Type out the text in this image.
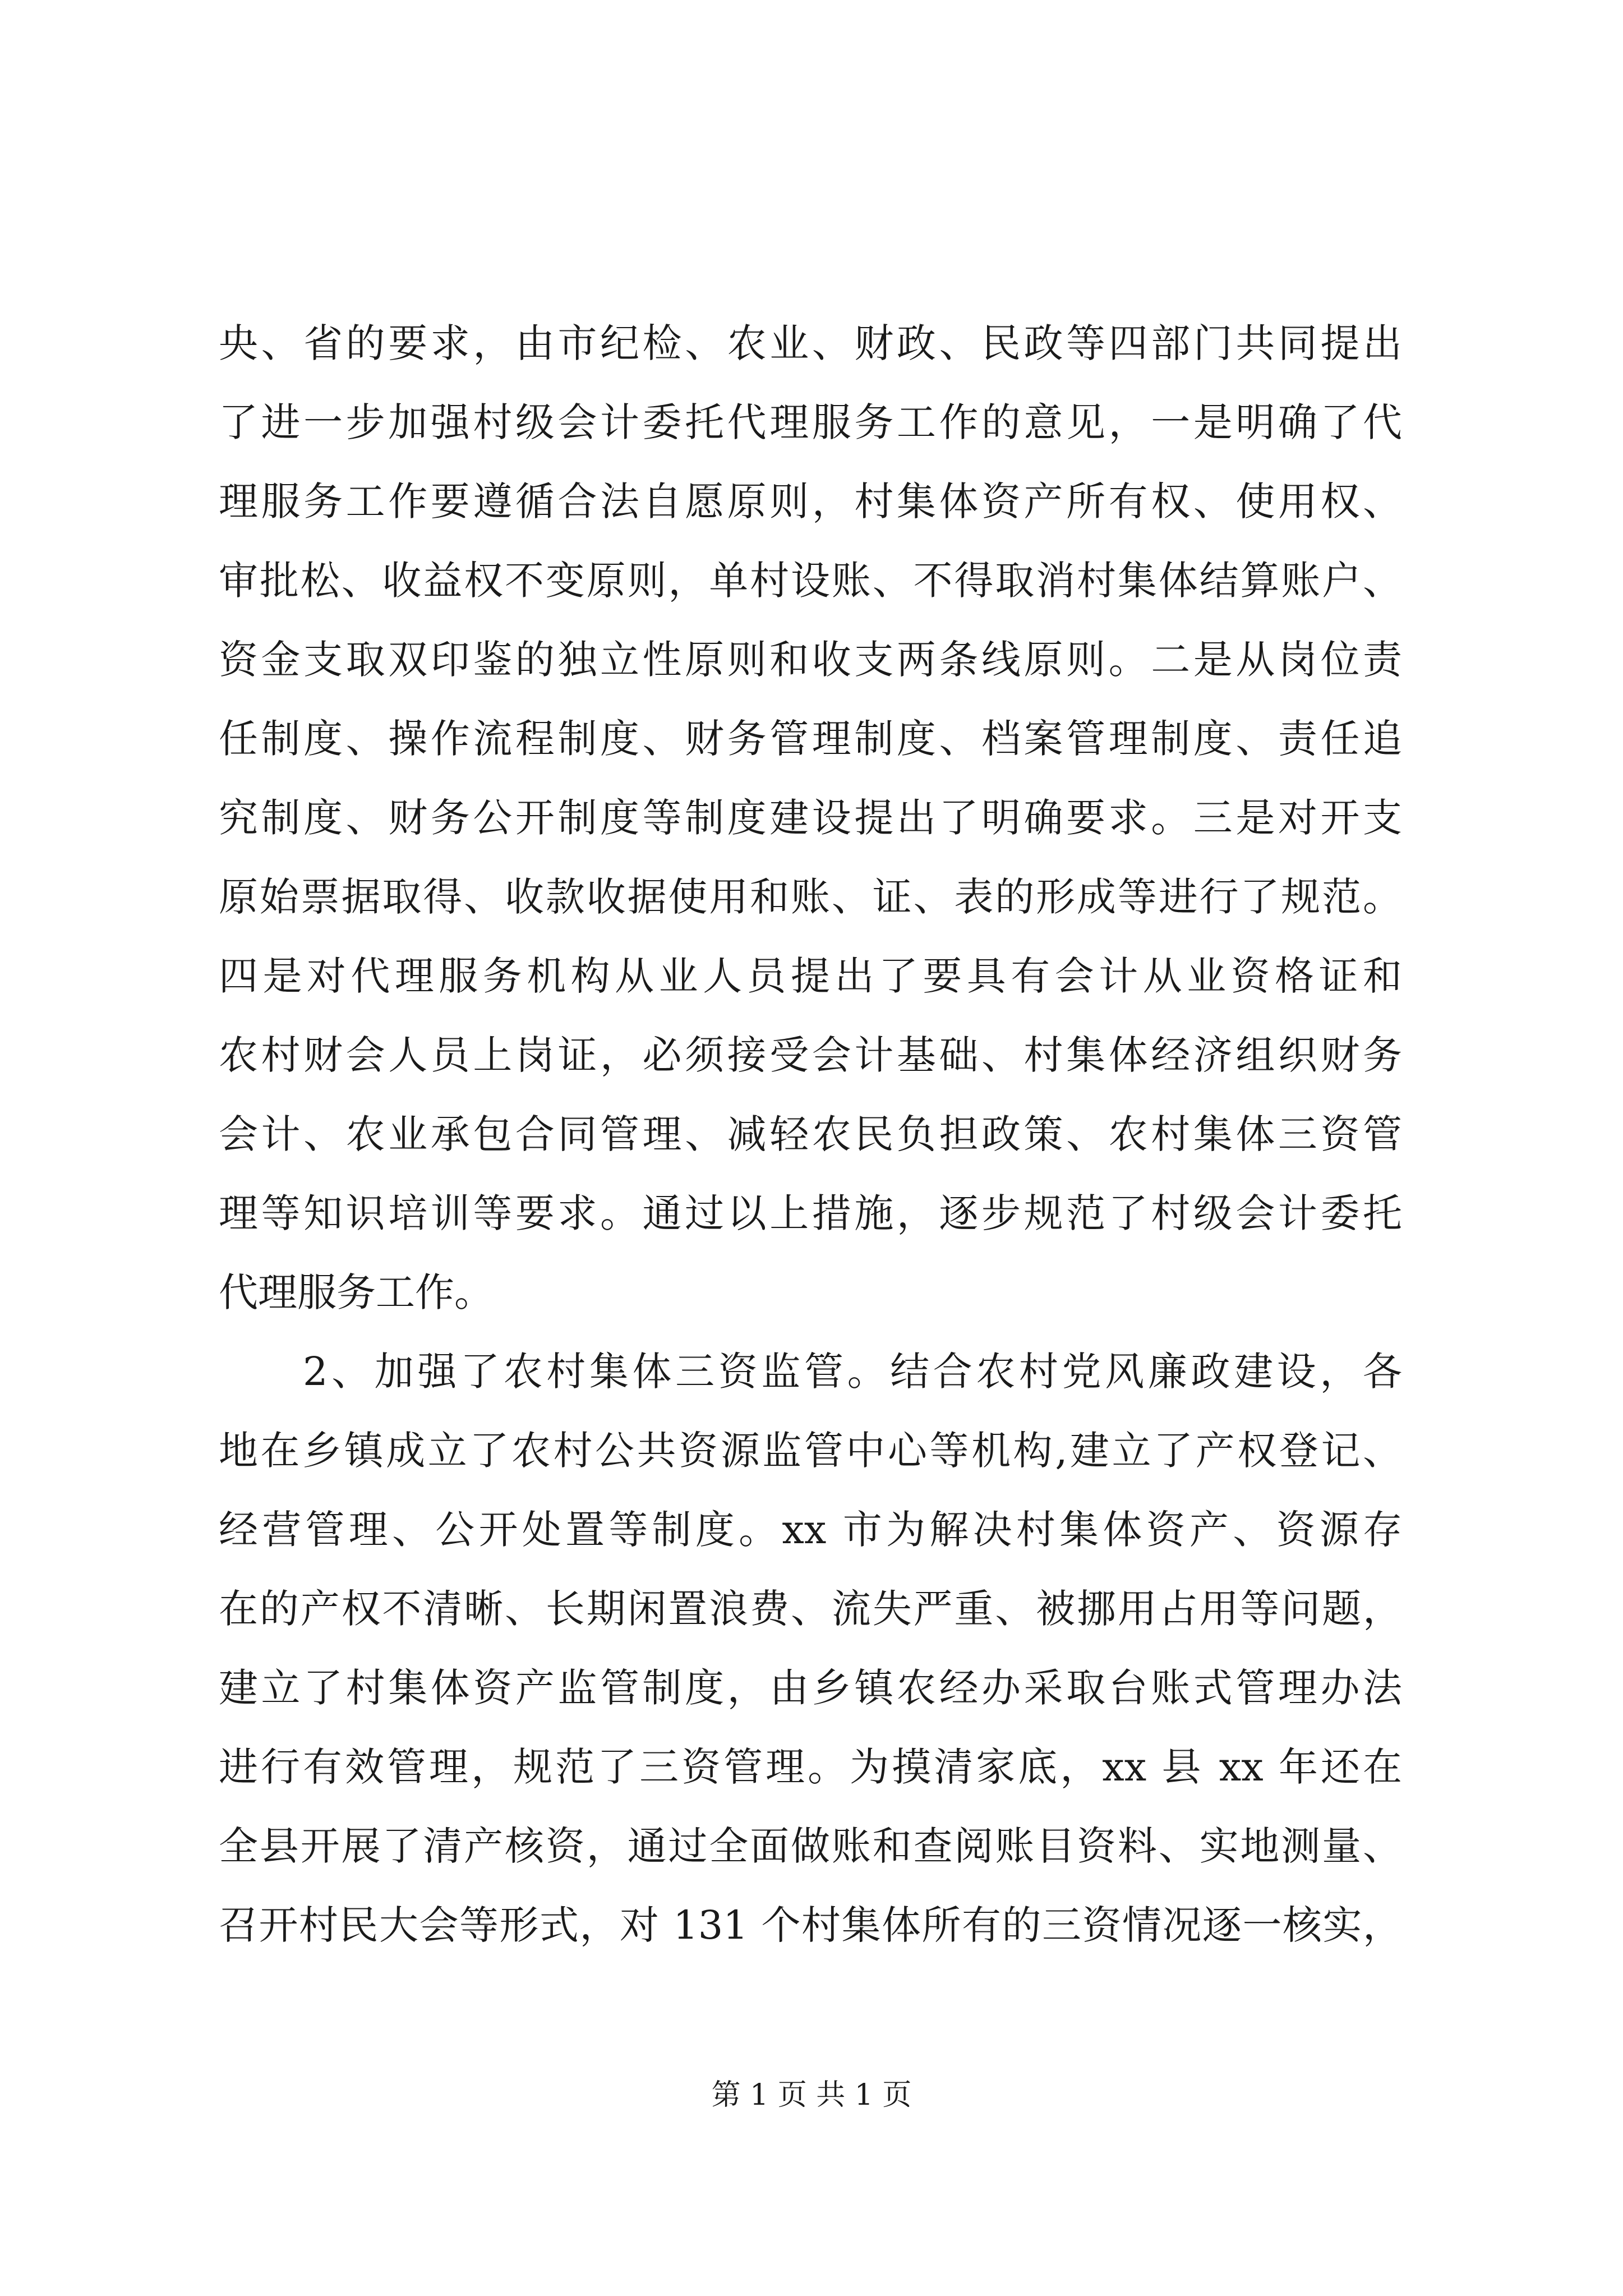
央、省的要求，由市纪检、农业、财政、民政等四部门共同提出
了进一步加强村级会计委托代理服务工作的意见，一是明确了代
理服务工作要遵循合法自愿原则，村集体资产所有权、使用权、
审批松、收益权不变原则，单村设账、不得取消村集体结算账户、
资金支取双印鉴的独立性原则和收支两条线原则。二是从岗位责
任制度、操作流程制度、财务管理制度、档案管理制度、责任追
究制度、财务公开制度等制度建设提出了明确要求。三是对开支
原始票据取得、收款收据使用和账、证、表的形成等进行了规范。
四是对代理服务机构从业人员提出了要具有会计从业资格证和
农村财会人员上岗证，必须接受会计基础、村集体经济组织财务
会计、农业承包合同管理、减轻农民负担政策、农村集体三资管
理等知识培训等要求。通过以上措施，逐步规范了村级会计委托
代理服务工作。
2、加强了农村集体三资监管。结合农村党风廉政建设，各
地在乡镇成立了农村公共资源监管中心等机构,建立了产权登记、
经营管理、公开处置等制度。xx 市为解决村集体资产、资源存
在的产权不清晰、长期闲置浪费、流失严重、被挪用占用等问题，
建立了村集体资产监管制度，由乡镇农经办采取台账式管理办法
进行有效管理，规范了三资管理。为摸清家底，xx 县 xx 年还在
全县开展了清产核资，通过全面做账和查阅账目资料、实地测量、
召开村民大会等形式，对 131 个村集体所有的三资情况逐一核实，
第 1 页 共 1 页
